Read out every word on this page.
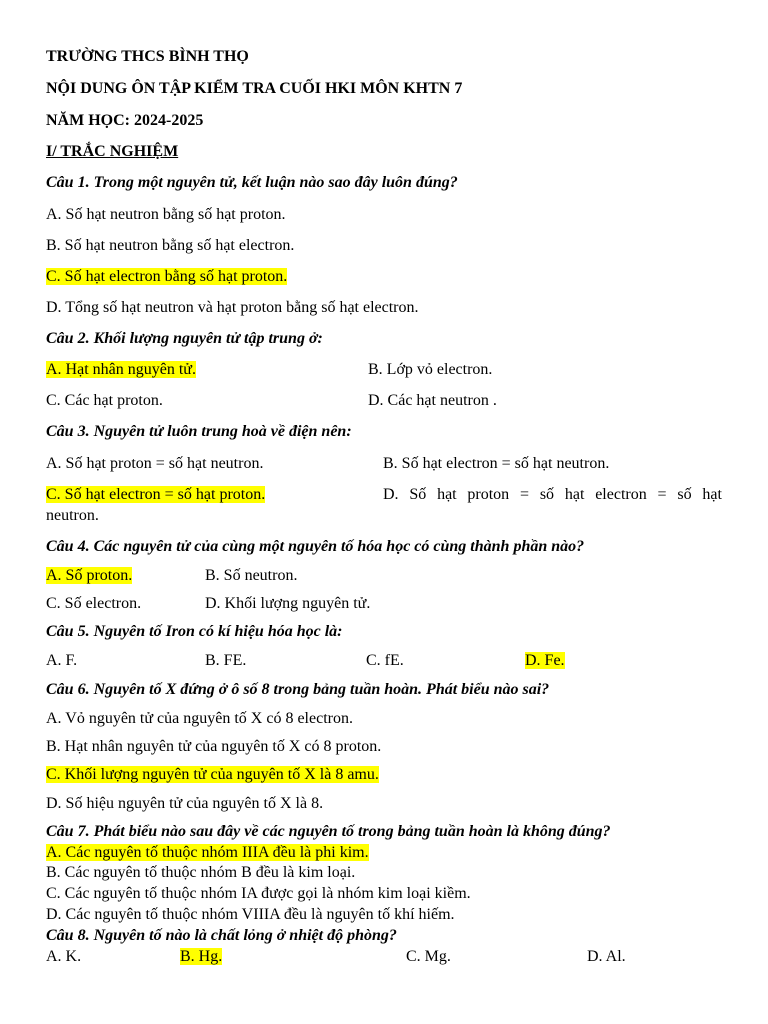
TRƯỜNG THCS BÌNH THỌ
NỘI DUNG ÔN TẬP KIỂM TRA CUỐI HKI MÔN KHTN 7
NĂM HỌC: 2024-2025
I/ TRẮC NGHIỆM
Câu 1. Trong một nguyên tử, kết luận nào sao đây luôn đúng?
A. Số hạt neutron bằng số hạt proton.
B. Số hạt neutron bằng số hạt electron.
C. Số hạt electron bằng số hạt proton.
D. Tổng số hạt neutron và hạt proton bằng số hạt electron.
Câu 2. Khối lượng nguyên tử tập trung ở:
A. Hạt nhân nguyên tử.	B. Lớp vỏ electron.
C. Các hạt proton.	D. Các hạt neutron .
Câu 3. Nguyên tử luôn trung hoà về điện nên:
A. Số hạt proton = số hạt neutron.	B. Số hạt electron = số hạt neutron.
C. Số hạt electron = số hạt proton.	D. Số hạt proton = số hạt electron = số hạt
neutron.
Câu 4. Các nguyên tử của cùng một nguyên tố hóa học có cùng thành phần nào?
A. Số proton.	B. Số neutron.
C. Số electron.	D. Khối lượng nguyên tử.
Câu 5. Nguyên tố Iron có kí hiệu hóa học là:
A. F.	B. FE.	C. fE.	D. Fe.
Câu 6. Nguyên tố X đứng ở ô số 8 trong bảng tuần hoàn. Phát biểu nào sai?
A. Vỏ nguyên tử của nguyên tố X có 8 electron.
B. Hạt nhân nguyên tử của nguyên tố X có 8 proton.
C. Khối lượng nguyên tử của nguyên tố X là 8 amu.
D. Số hiệu nguyên tử của nguyên tố X là 8.
Câu 7. Phát biểu nào sau đây về các nguyên tố trong bảng tuần hoàn là không đúng?
A. Các nguyên tố thuộc nhóm IIIA đều là phi kim.
B. Các nguyên tố thuộc nhóm B đều là kim loại.
C. Các nguyên tố thuộc nhóm IA được gọi là nhóm kim loại kiềm.
D. Các nguyên tố thuộc nhóm VIIIA đều là nguyên tố khí hiếm.
Câu 8. Nguyên tố nào là chất lỏng ở nhiệt độ phòng?
A. K.	B. Hg.	C. Mg.	D. Al.
